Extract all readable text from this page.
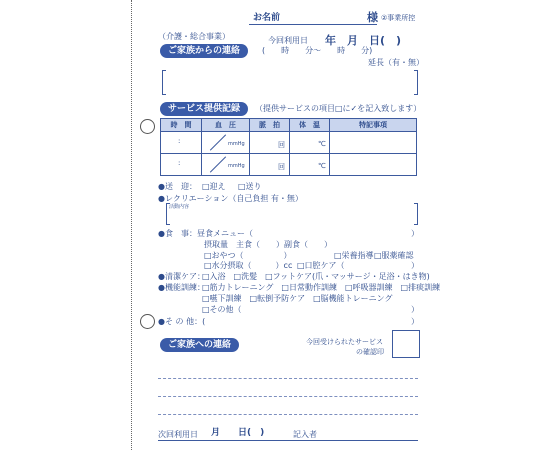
お名前	様 ②事業所控
（介護・総合事業）	今回利用日 年　月　日(　)
(　　時　　分～　　時　　分)
延長（有・無）
ご家族からの連絡
サービス提供記録	（提供サービスの項目□に✓を記入致します）
時　間	血　圧	脈　拍	体　温	特記事項

:	mmHg	回	℃	

:	mmHg	回	℃	

●送　迎： □迎え □送り
●レクリエーション（自己負担 有・無）
活動内容
●食　事：昼食メニュー（	）
摂取量　主食（　　）副食（　　）
□おやつ（　　　　　）	□栄養指導 □服薬確認
□水分摂取（　　　）cc □口腔ケア（	）
●清潔ケア：
□入浴　□洗髪　□フットケア(爪・マッサージ・足浴・はき物)
●機能訓練：
□筋力トレーニング　□日常動作訓練　□呼吸器訓練　□排痰訓練
□嚥下訓練　□転倒予防ケア　□脳機能トレーニング
□その他（	）
●そ の 他：(	）
ご家族への連絡	今回受けられたサービス
の確認印
次回利用日 月　　日(　)	記入者
